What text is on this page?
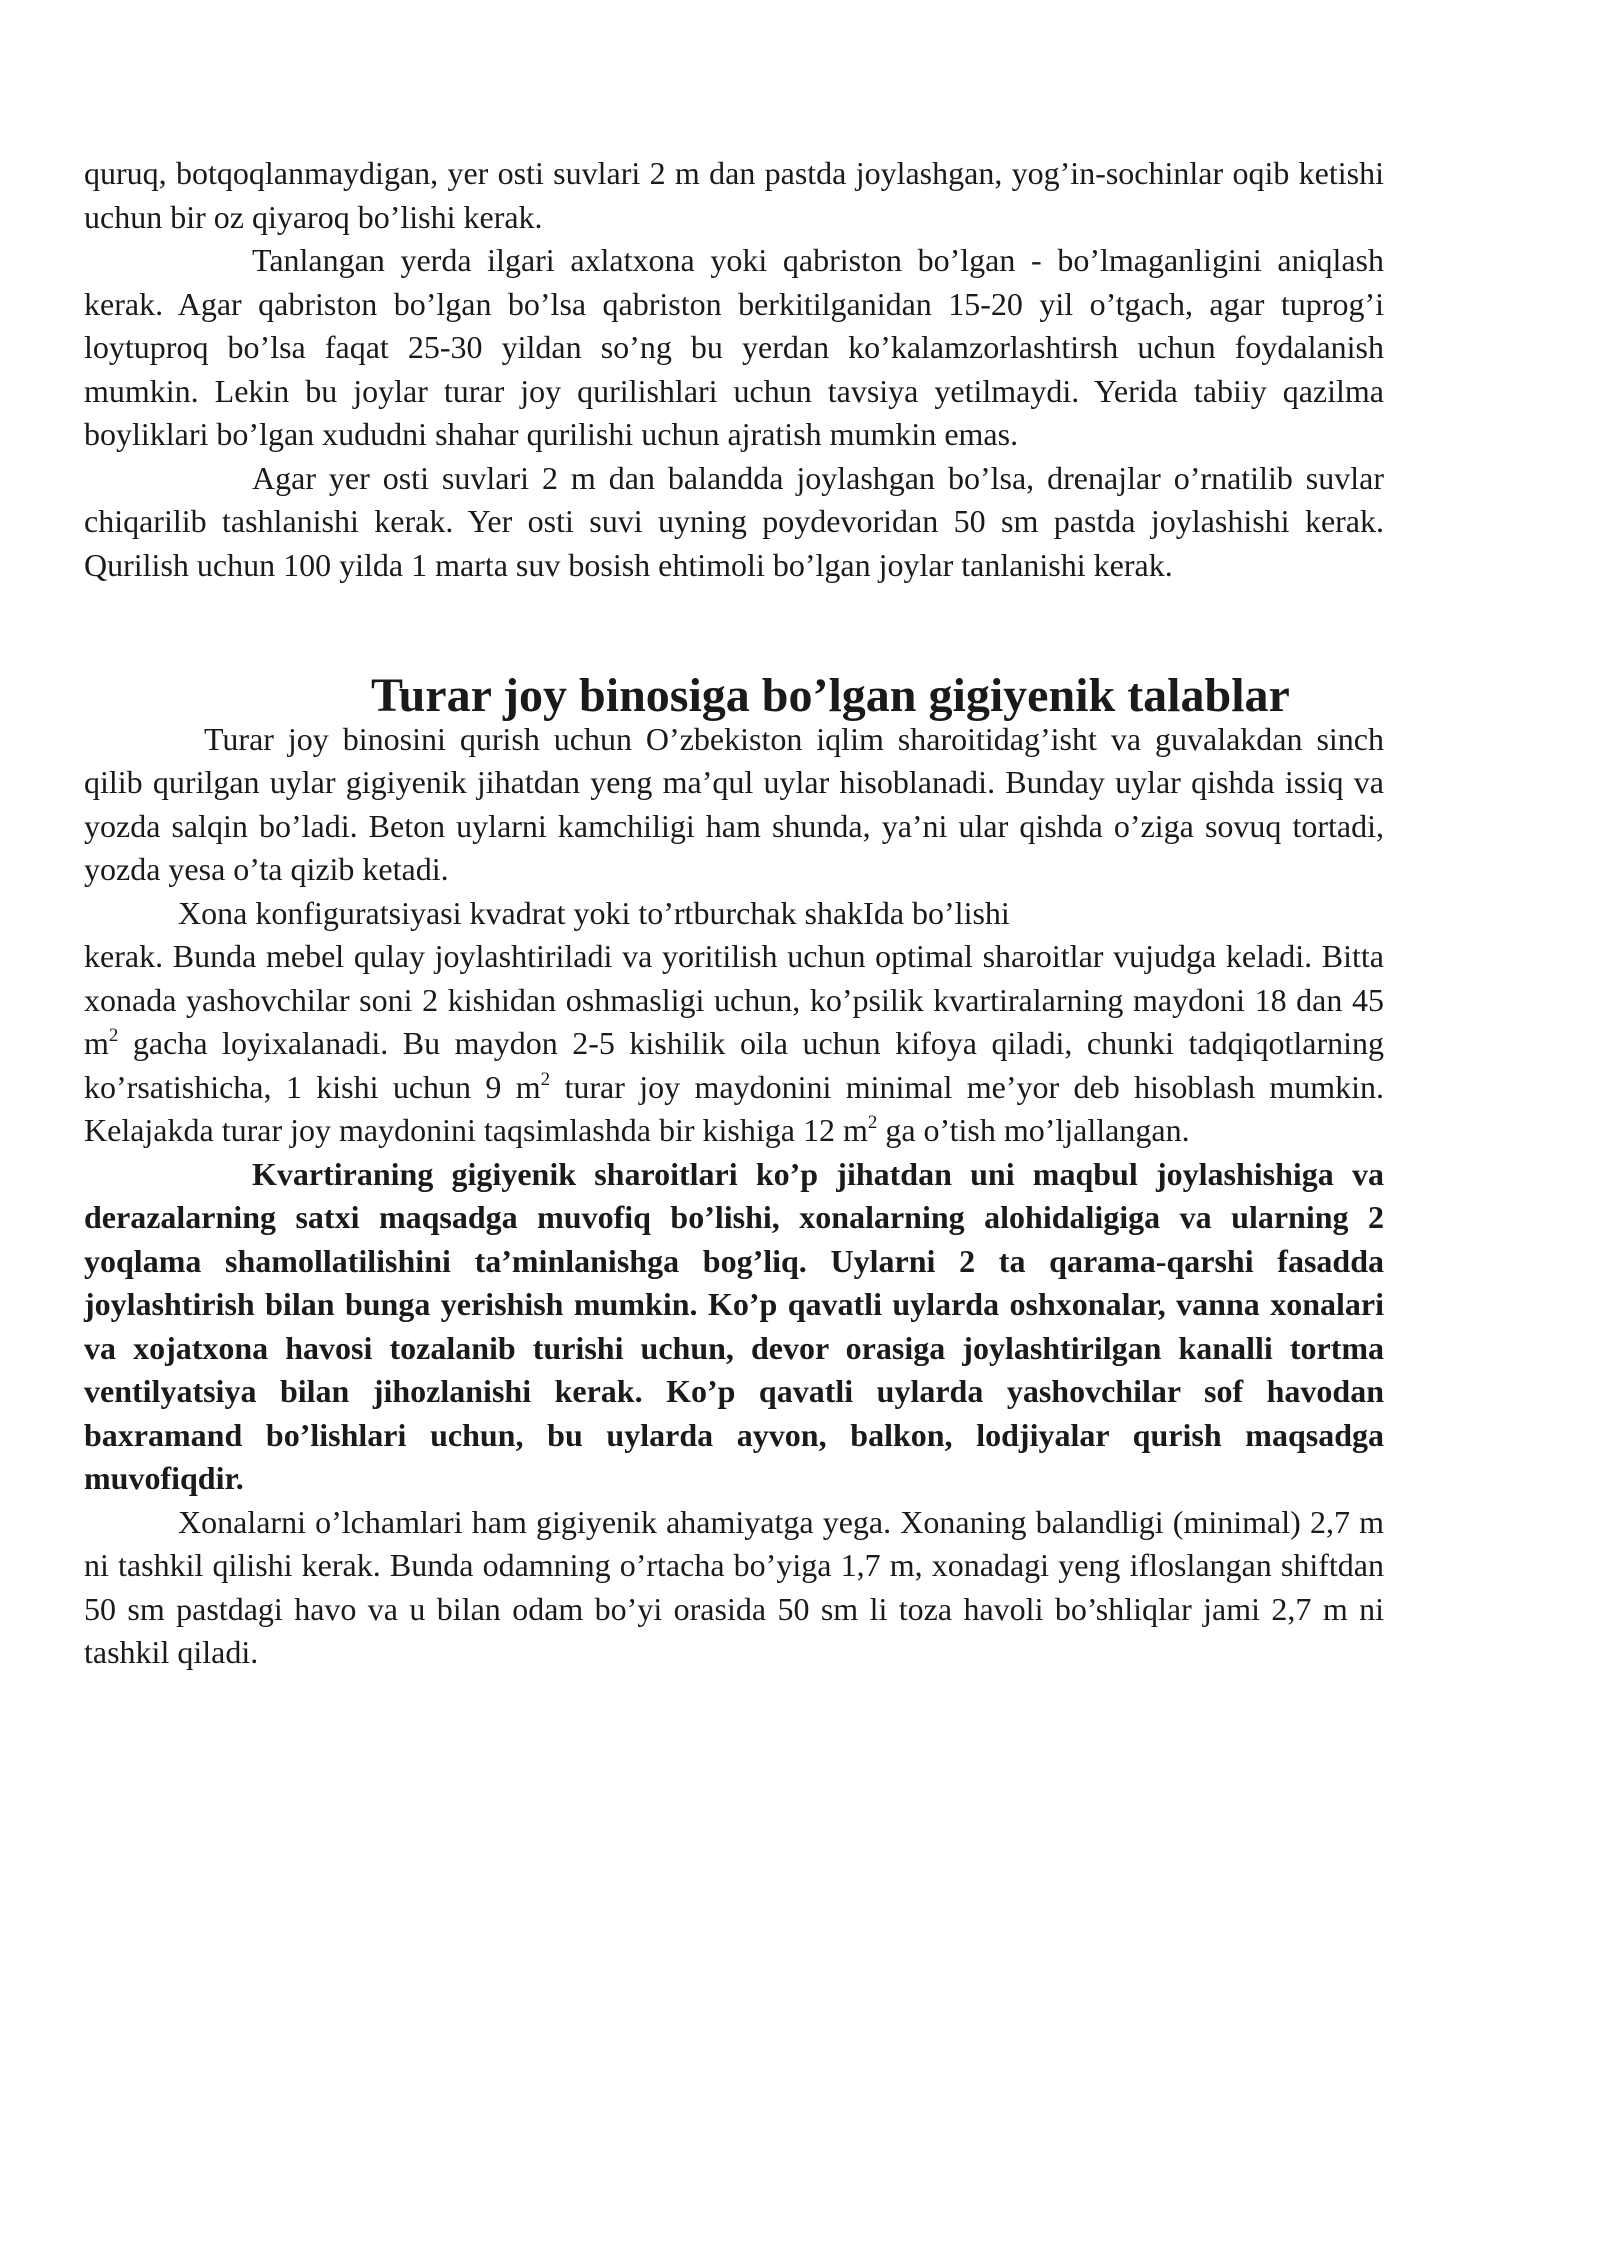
quruq, botqoqlanmaydigan, yer osti suvlari 2 m dan pastda joylashgan, yog’in-sochinlar oqib ketishi uchun bir oz qiyaroq bo’lishi kerak.

Tanlangan yerda ilgari axlatxona yoki qabriston bo’lgan - bo’lmaganligini aniqlash kerak. Agar qabriston bo’lgan bo’lsa qabriston berkitilganidan 15-20 yil o’tgach, agar tuprog’i loytuproq bo’lsa faqat 25-30 yildan so’ng bu yerdan ko’kalamzorlashtirsh uchun foydalanish mumkin. Lekin bu joylar turar joy qurilishlari uchun tavsiya yetilmaydi. Yerida tabiiy qazilma boyliklari bo’lgan xududni shahar qurilishi uchun ajratish mumkin emas.

Agar yer osti suvlari 2 m dan balandda joylashgan bo’lsa, drenajlar o’rnatilib suvlar chiqarilib tashlanishi kerak. Yer osti suvi uyning poydevoridan 50 sm pastda joylashishi kerak. Qurilish uchun 100 yilda 1 marta suv bosish ehtimoli bo’lgan joylar tanlanishi kerak.

Turar joy binosiga bo’lgan gigiyenik talablar

Turar joy binosini qurish uchun O’zbekiston iqlim sharoitidag’isht va guvalakdan sinch qilib qurilgan uylar gigiyenik jihatdan yeng ma’qul uylar hisoblanadi. Bunday uylar qishda issiq va yozda salqin bo’ladi. Beton uylarni kamchiligi ham shunda, ya’ni ular qishda o’ziga sovuq tortadi, yozda yesa o’ta qizib ketadi.

Xona konfiguratsiyasi kvadrat yoki to’rtburchak shakIda bo’lishi

kerak. Bunda mebel qulay joylashtiriladi va yoritilish uchun optimal sharoitlar vujudga keladi. Bitta xonada yashovchilar soni 2 kishidan oshmasligi uchun, ko’psilik kvartiralarning maydoni 18 dan 45 $m^2$ gacha loyixalanadi. Bu maydon 2-5 kishilik oila uchun kifoya qiladi, chunki tadqiqotlarning ko’rsatishicha, 1 kishi uchun 9 $m^2$ turar joy maydonini minimal me’yor deb hisoblash mumkin. Kelajakda turar joy maydonini taqsimlashda bir kishiga 12 $m^2$ ga o’tish mo’ljallangan.

Kvartiraning gigiyenik sharoitlari ko’p jihatdan uni maqbul joylashishiga va derazalarning satxi maqsadga muvofiq bo’lishi, xonalarning alohidaligiga va ularning 2 yoqlama shamollatilishini ta’minlanishga bog’liq. Uylarni 2 ta qarama-qarshi fasadda joylashtirish bilan bunga yerishish mumkin. Ko’p qavatli uylarda oshxonalar, vanna xonalari va xojatxona havosi tozalanib turishi uchun, devor orasiga joylashtirilgan kanalli tortma ventilyatsiya bilan jihozlanishi kerak. Ko’p qavatli uylarda yashovchilar sof havodan baxramand bo’lishlari uchun, bu uylarda ayvon, balkon, lodjiyalar qurish maqsadga muvofiqdir.

Xonalarni o’lchamlari ham gigiyenik ahamiyatga yega. Xonaning balandligi (minimal) 2,7 m ni tashkil qilishi kerak. Bunda odamning o’rtacha bo’yiga 1,7 m, xonadagi yeng ifloslangan shiftdan 50 sm pastdagi havo va u bilan odam bo’yi orasida 50 sm li toza havoli bo’shliqlar jami 2,7 m ni tashkil qiladi.
